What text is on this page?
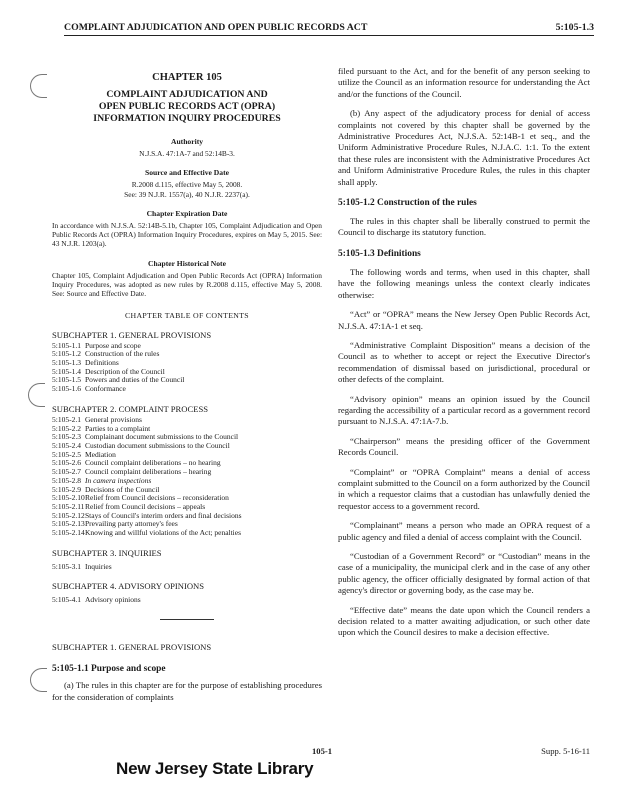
COMPLAINT ADJUDICATION AND OPEN PUBLIC RECORDS ACT	5:105-1.3
CHAPTER 105
COMPLAINT ADJUDICATION AND
OPEN PUBLIC RECORDS ACT (OPRA)
INFORMATION INQUIRY PROCEDURES
Authority
N.J.S.A. 47:1A-7 and 52:14B-3.
Source and Effective Date
R.2008 d.115, effective May 5, 2008.
See: 39 N.J.R. 1557(a), 40 N.J.R. 2237(a).
Chapter Expiration Date
In accordance with N.J.S.A. 52:14B-5.1b, Chapter 105, Complaint Adjudication and Open Public Records Act (OPRA) Information Inquiry Procedures, expires on May 5, 2015. See: 43 N.J.R. 1203(a).
Chapter Historical Note
Chapter 105, Complaint Adjudication and Open Public Records Act (OPRA) Information Inquiry Procedures, was adopted as new rules by R.2008 d.115, effective May 5, 2008. See: Source and Effective Date.
CHAPTER TABLE OF CONTENTS
SUBCHAPTER 1. GENERAL PROVISIONS
5:105-1.1 Purpose and scope
5:105-1.2 Construction of the rules
5:105-1.3 Definitions
5:105-1.4 Description of the Council
5:105-1.5 Powers and duties of the Council
5:105-1.6 Conformance
SUBCHAPTER 2. COMPLAINT PROCESS
5:105-2.1 General provisions
5:105-2.2 Parties to a complaint
5:105-2.3 Complainant document submissions to the Council
5:105-2.4 Custodian document submissions to the Council
5:105-2.5 Mediation
5:105-2.6 Council complaint deliberations – no hearing
5:105-2.7 Council complaint deliberations – hearing
5:105-2.8 In camera inspections
5:105-2.9 Decisions of the Council
5:105-2.10 Relief from Council decisions – reconsideration
5:105-2.11 Relief from Council decisions – appeals
5:105-2.12 Stays of Council's interim orders and final decisions
5:105-2.13 Prevailing party attorney's fees
5:105-2.14 Knowing and willful violations of the Act; penalties
SUBCHAPTER 3. INQUIRIES
5:105-3.1 Inquiries
SUBCHAPTER 4. ADVISORY OPINIONS
5:105-4.1 Advisory opinions
SUBCHAPTER 1. GENERAL PROVISIONS
5:105-1.1 Purpose and scope

(a) The rules in this chapter are for the purpose of establishing procedures for the consideration of complaints

filed pursuant to the Act, and for the benefit of any person seeking to utilize the Council as an information resource for understanding the Act and/or the functions of the Council.

(b) Any aspect of the adjudicatory process for denial of access complaints not covered by this chapter shall be governed by the Administrative Procedures Act, N.J.S.A. 52:14B-1 et seq., and the Uniform Administrative Procedure Rules, N.J.A.C. 1:1. To the extent that these rules are inconsistent with the Administrative Procedures Act and Uniform Administrative Procedure Rules, the rules in this chapter shall apply.

5:105-1.2 Construction of the rules

The rules in this chapter shall be liberally construed to permit the Council to discharge its statutory function.

5:105-1.3 Definitions

The following words and terms, when used in this chapter, shall have the following meanings unless the context clearly indicates otherwise:

“Act” or “OPRA” means the New Jersey Open Public Records Act, N.J.S.A. 47:1A-1 et seq.

“Administrative Complaint Disposition” means a decision of the Council as to whether to accept or reject the Executive Director's recommendation of dismissal based on jurisdictional, procedural or other defects of the complaint.

“Advisory opinion” means an opinion issued by the Council regarding the accessibility of a particular record as a government record pursuant to N.J.S.A. 47:1A-7.b.

“Chairperson” means the presiding officer of the Government Records Council.

“Complaint” or “OPRA Complaint” means a denial of access complaint submitted to the Council on a form authorized by the Council in which a requestor claims that a custodian has unlawfully denied the requestor access to a government record.

“Complainant” means a person who made an OPRA request of a public agency and filed a denial of access complaint with the Council.

“Custodian of a Government Record” or “Custodian” means in the case of a municipality, the municipal clerk and in the case of any other public agency, the officer officially designated by formal action of that agency's director or governing body, as the case may be.

“Effective date” means the date upon which the Council renders a decision related to a matter awaiting adjudication, or such other date upon which the Council desires to make a decision effective.

105-1	Supp. 5-16-11
New Jersey State Library
